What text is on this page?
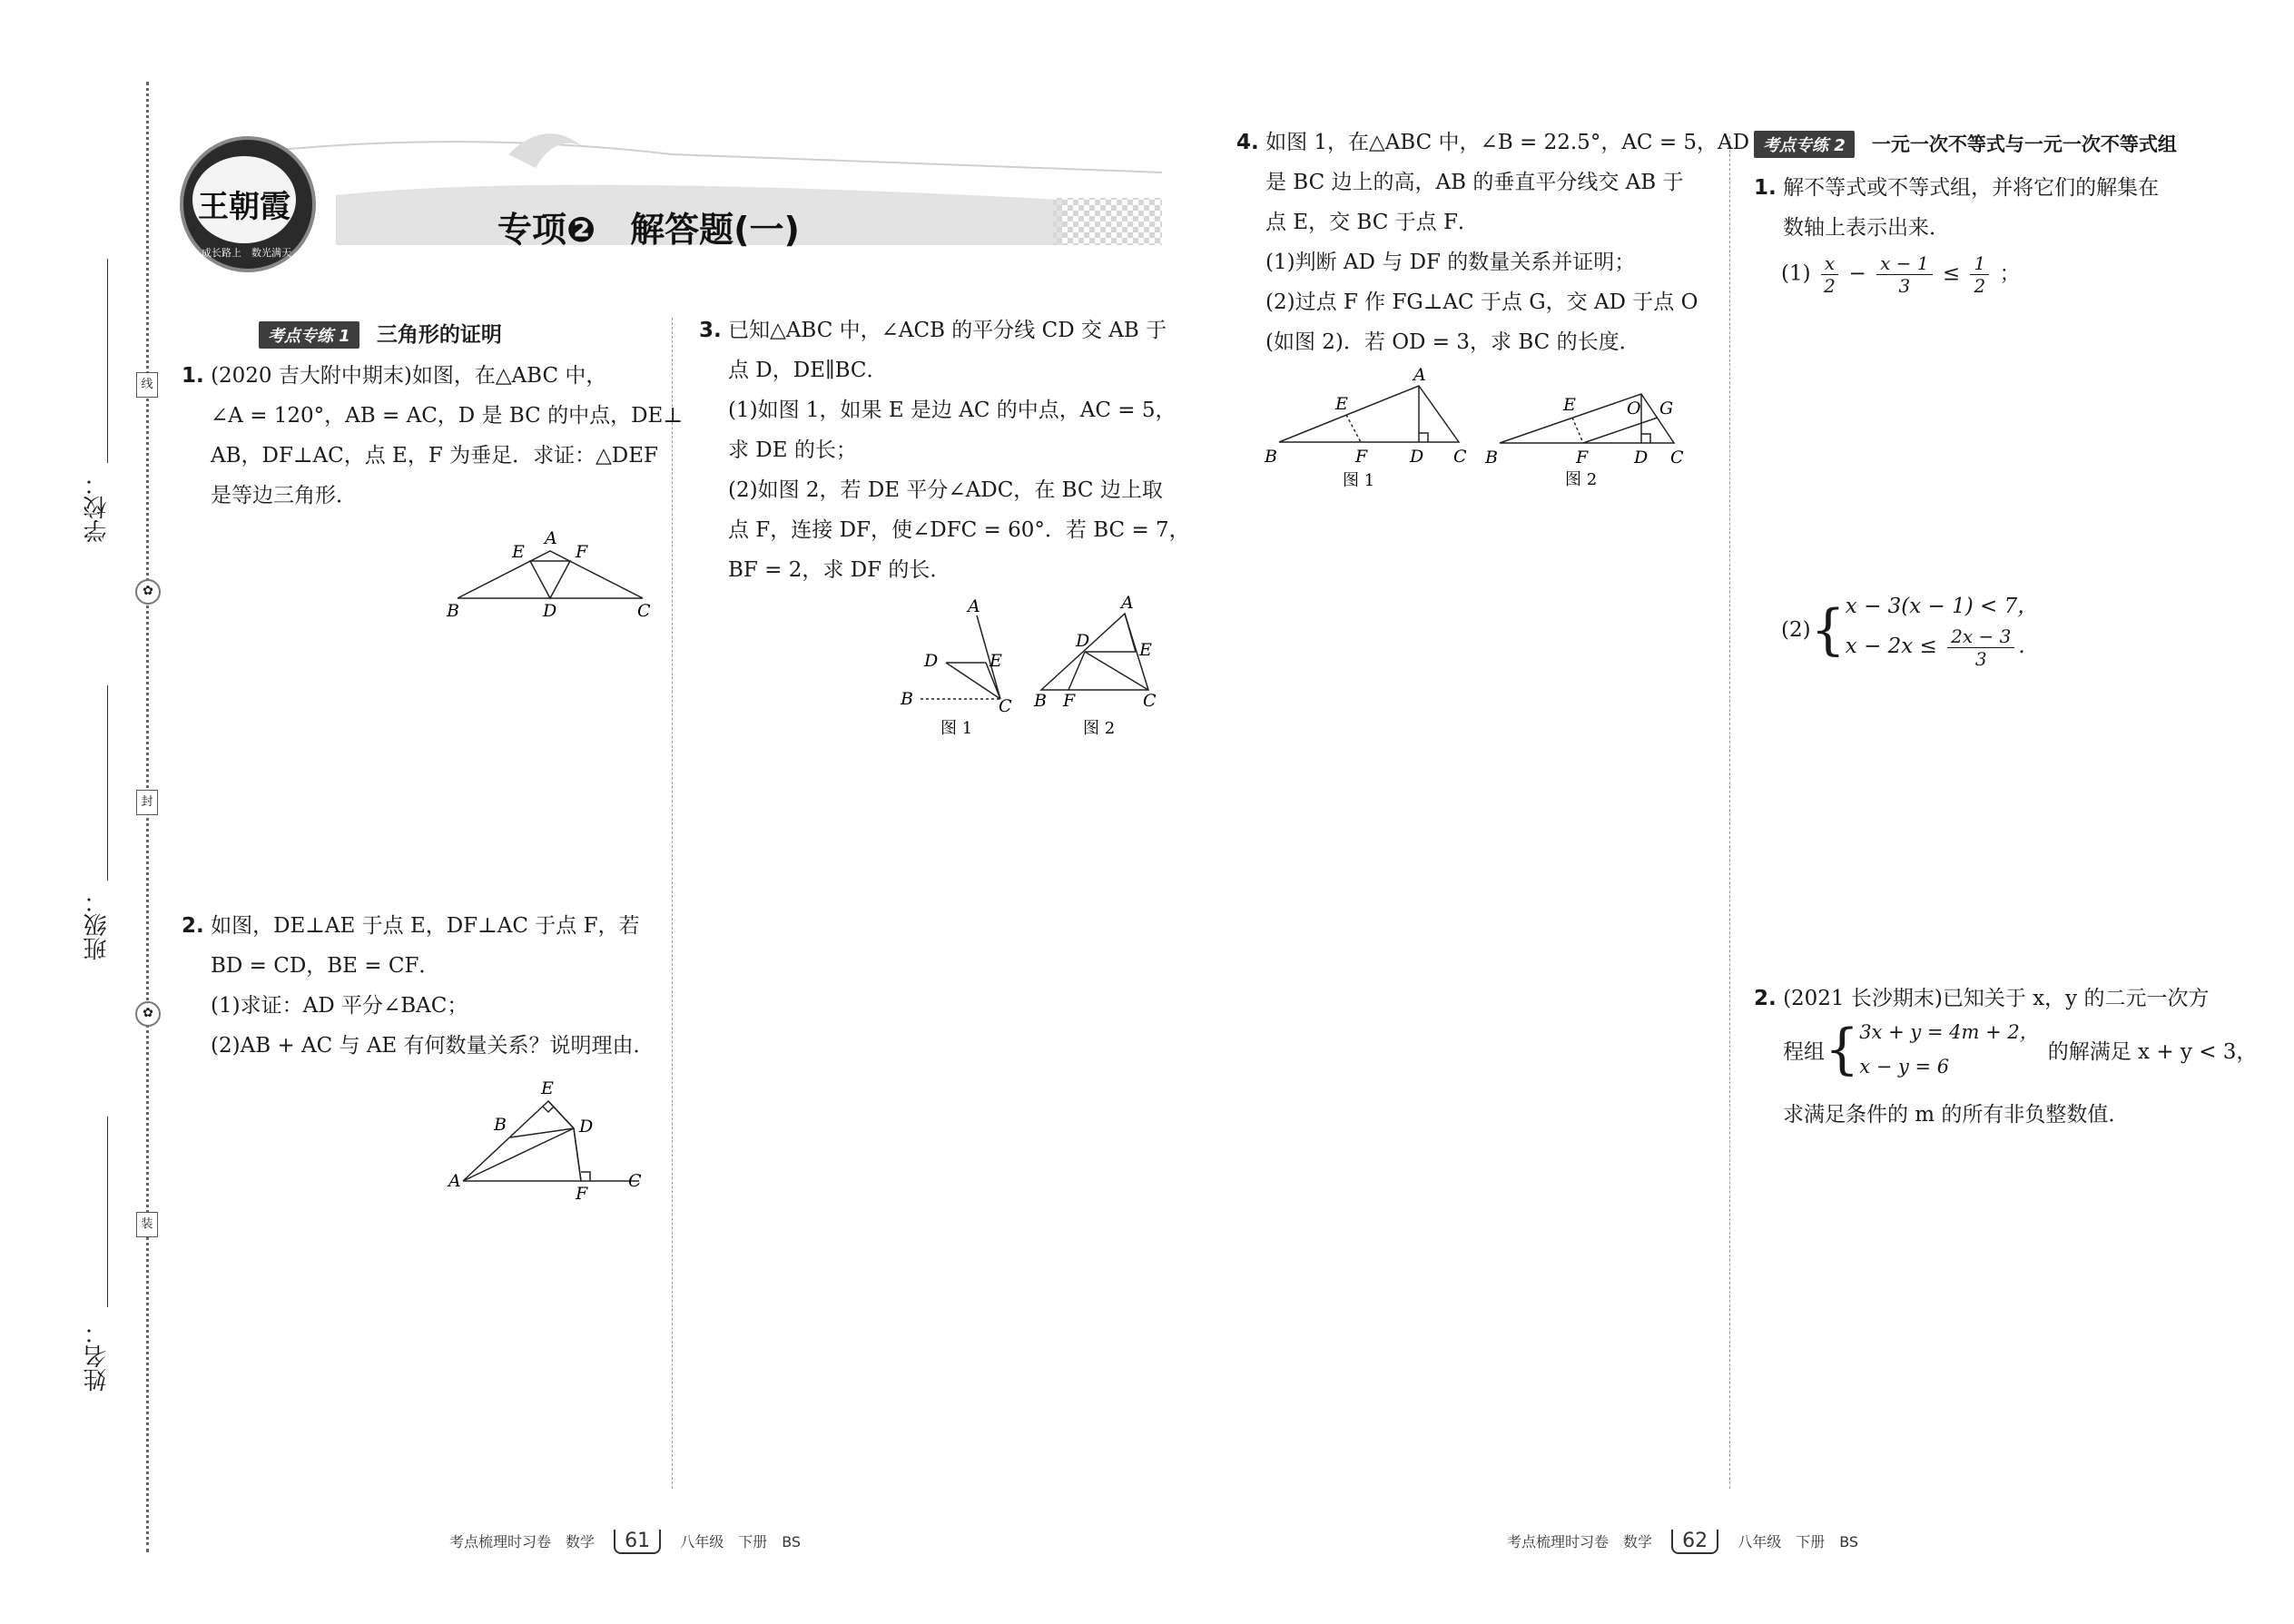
线
✿
封
✿
装
学校：
班级：
姓名：
王朝霞
成长路上　 数光满天
专项❷　解答题(一)
考点专练 1 三角形的证明
1. (2020 吉大附中期末)如图，在△ABC 中，
∠A = 120°，AB = AC，D 是 BC 的中点，DE⊥
AB，DF⊥AC，点 E，F 为垂足．求证：△DEF
是等边三角形．
A
E	F
B	D	C
2. 如图，DE⊥AE 于点 E，DF⊥AC 于点 F，若
BD = CD，BE = CF．
(1)求证：AD 平分∠BAC；
(2)AB + AC 与 AE 有何数量关系？说明理由．
E
B	D
A
F
C
3. 已知△ABC 中，∠ACB 的平分线 CD 交 AB 于
点 D，DE∥BC．
(1)如图 1，如果 E 是边 AC 的中点，AC = 5，
求 DE 的长；
(2)如图 2，若 DE 平分∠ADC，在 BC 边上取
点 F，连接 DF，使∠DFC = 60°．若 BC = 7，
BF = 2，求 DF 的长．
A
D	E
B	C
图 1
A
D	E
B F	C
图 2
4. 如图 1，在△ABC 中，∠B = 22.5°，AC = 5，AD
是 BC 边上的高，AB 的垂直平分线交 AB 于
点 E，交 BC 于点 F．
(1)判断 AD 与 DF 的数量关系并证明；
(2)过点 F 作 FG⊥AC 于点 G，交 AD 于点 O
(如图 2)．若 OD = 3，求 BC 的长度．
A
E
B	F D C
图 1
E	O G
B	F	D C
图 2
考点专练 2 一元一次不等式与一元一次不等式组
1. 解不等式或不等式组，并将它们的解集在
数轴上表示出来．
$(1) \frac{x}{2} - \frac{x - 1}{3} \le \frac{1}{2}$ ；
(2) { x − 3(x − 1) < 7，
$x - 2x \le \frac{2x - 3}{3}$ .
2. (2021 长沙期末)已知关于 x，y 的二元一次方
程组 { 3x + y = 4m + 2，
x − y = 6
的解满足 x + y < 3，
求满足条件的 m 的所有非负整数值．
考点梳理时习卷　数学 61 八年级　下册　BS	考点梳理时习卷　数学 62 八年级　下册　BS
